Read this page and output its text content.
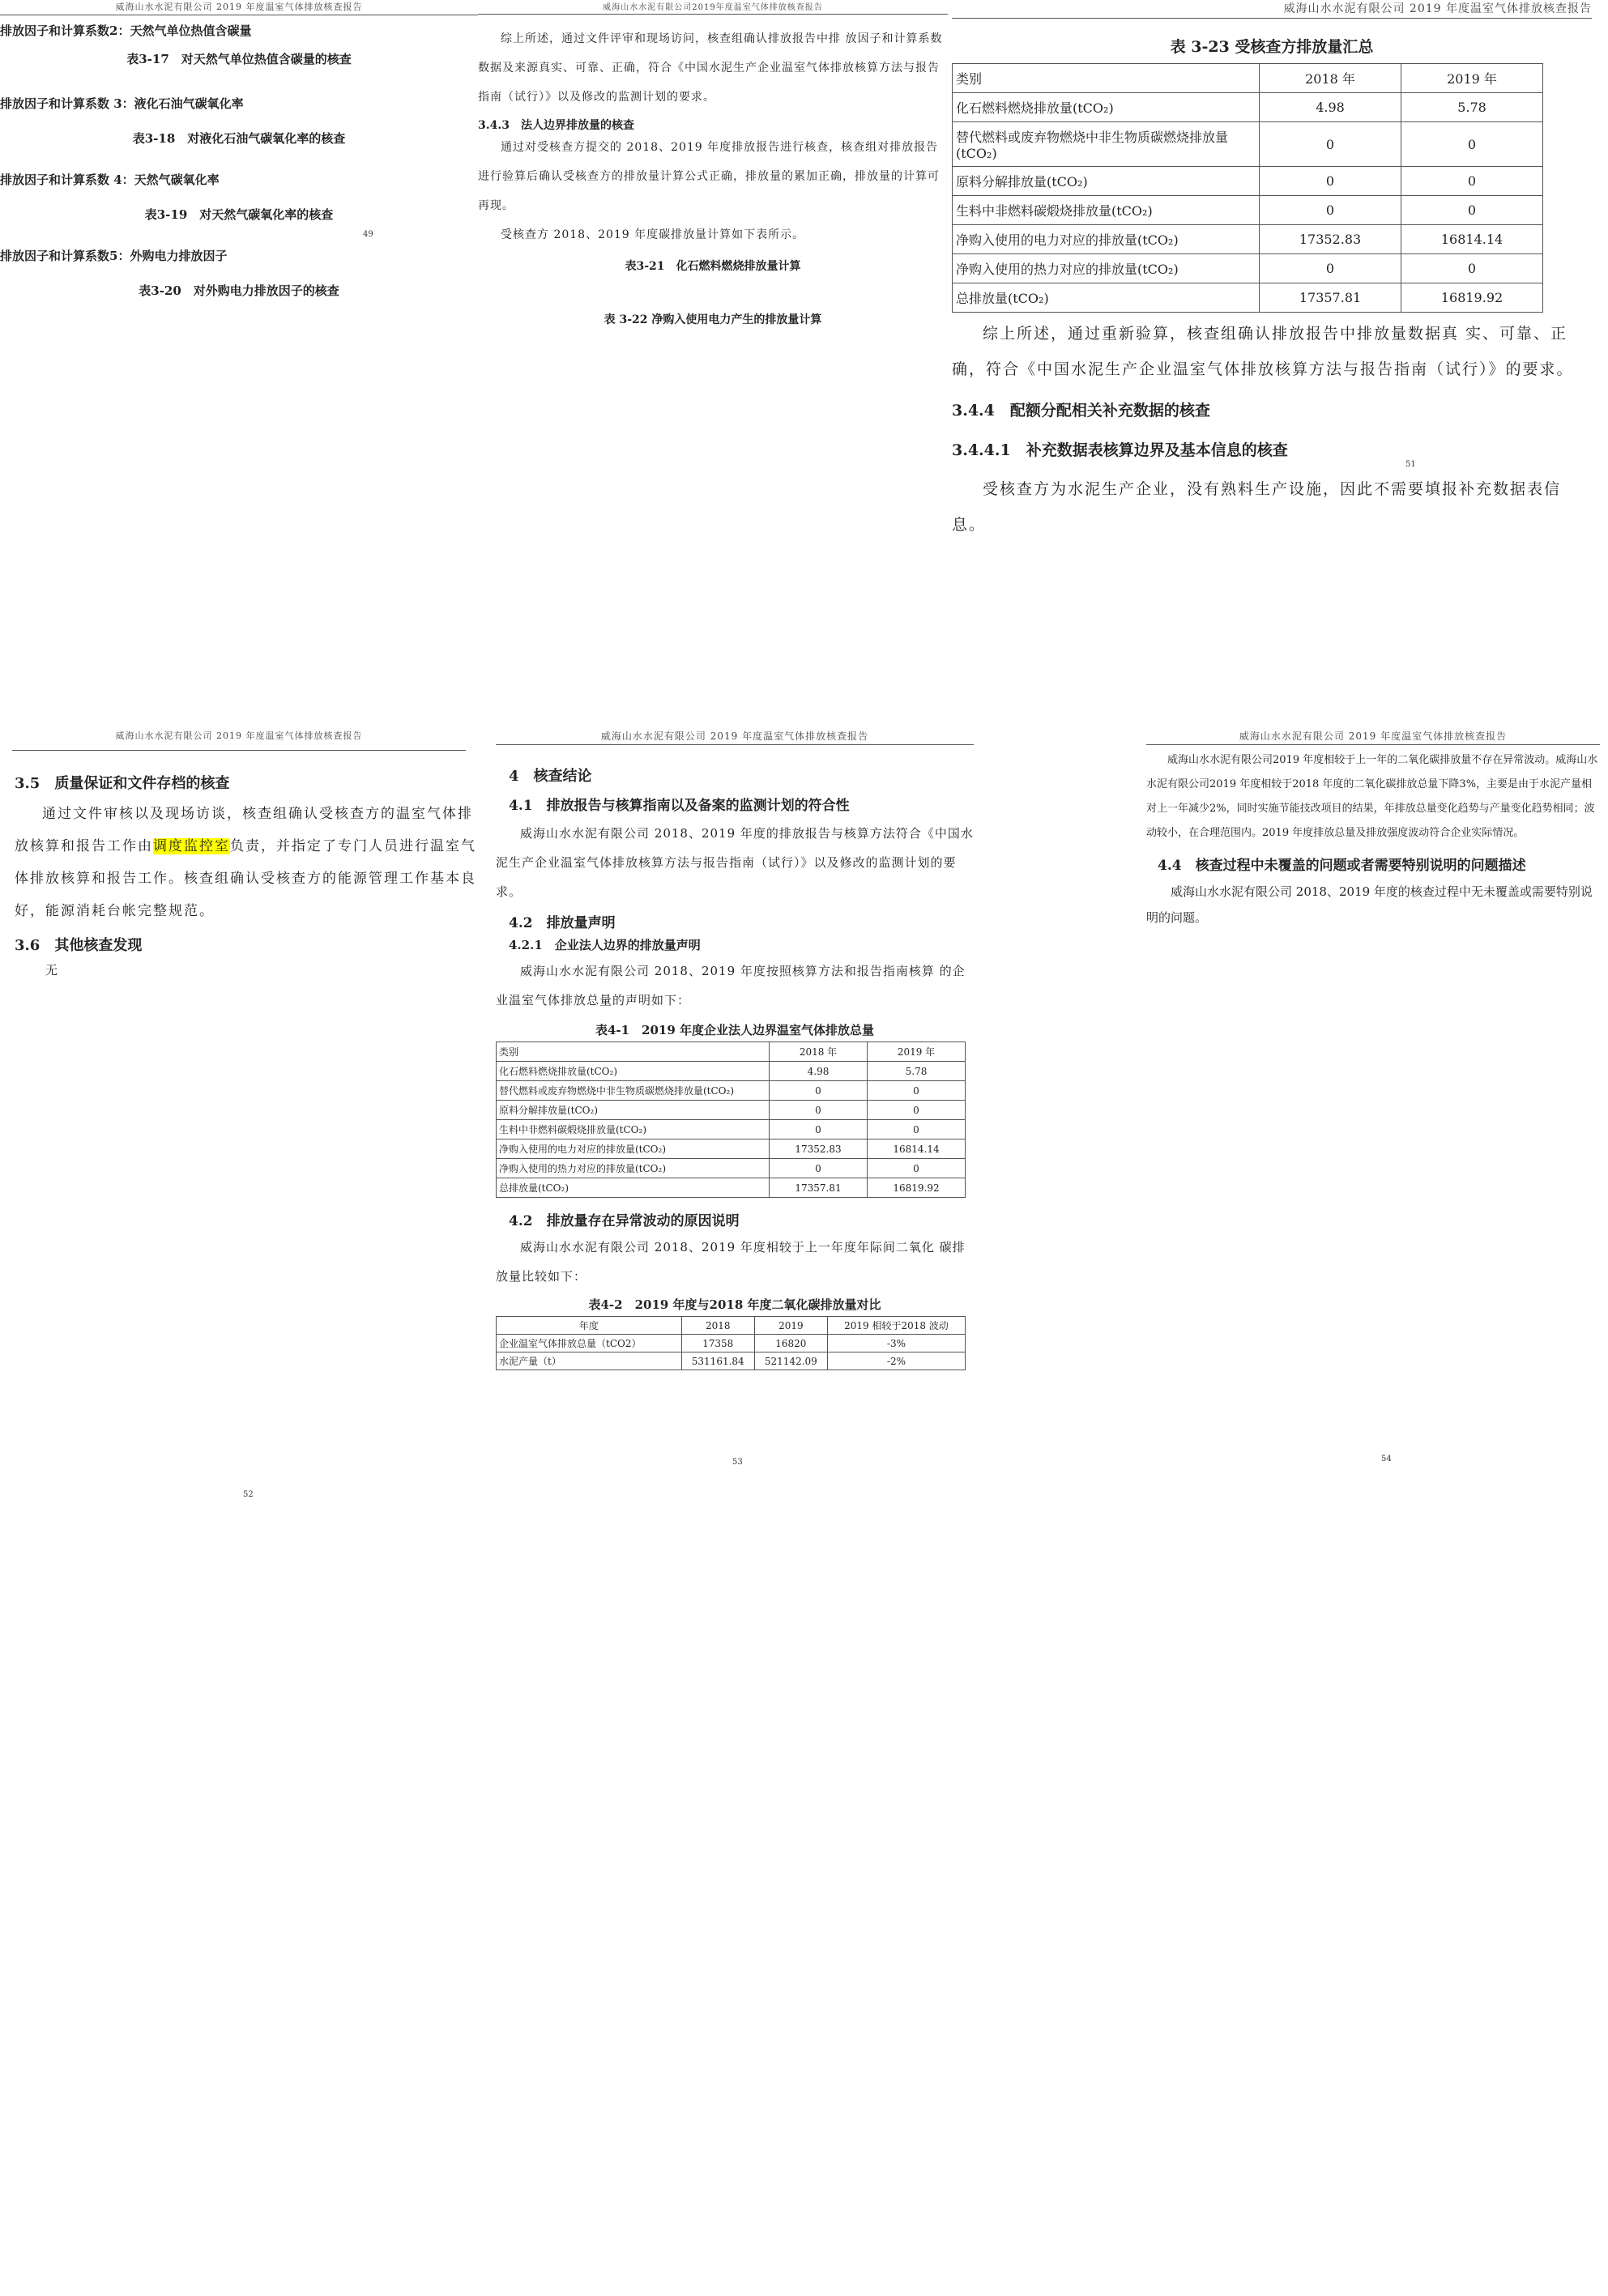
威海山水水泥有限公司 2019 年度温室气体排放核查报告
排放因子和计算系数2：天然气单位热值含碳量
表3-17　对天然气单位热值含碳量的核查
排放因子和计算系数 3：液化石油气碳氧化率
表3-18　对液化石油气碳氧化率的核查
排放因子和计算系数 4：天然气碳氧化率
表3-19　对天然气碳氧化率的核查
49
排放因子和计算系数5：外购电力排放因子
表3-20　对外购电力排放因子的核查
威海山水水泥有限公司2019年度温室气体排放核查报告

综上所述，通过文件评审和现场访问，核查组确认排放报告中排 放因子和计算系数数据及来源真实、可靠、正确，符合《中国水泥生产企业温室气体排放核算方法与报告指南（试行）》以及修改的监测计划的要求。

3.4.3　法人边界排放量的核查

通过对受核查方提交的 2018、2019 年度排放报告进行核查，核查组对排放报告进行验算后确认受核查方的排放量计算公式正确，排放量的累加正确，排放量的计算可再现。

受核查方 2018、2019 年度碳排放量计算如下表所示。

表3-21　化石燃料燃烧排放量计算
表 3-22 净购入使用电力产生的排放量计算
威海山水水泥有限公司 2019 年度温室气体排放核查报告
表 3-23 受核查方排放量汇总
类别	2018 年	2019 年
化石燃料燃烧排放量(tCO₂)	4.98	5.78
替代燃料或废弃物燃烧中非生物质碳燃烧排放量(tCO₂)	0	0
原料分解排放量(tCO₂)	0	0
生料中非燃料碳煅烧排放量(tCO₂)	0	0
净购入使用的电力对应的排放量(tCO₂)	17352.83	16814.14
净购入使用的热力对应的排放量(tCO₂)	0	0
总排放量(tCO₂)	17357.81	16819.92

综上所述，通过重新验算，核查组确认排放报告中排放量数据真 实、可靠、正确，符合《中国水泥生产企业温室气体排放核算方法与报告指南（试行）》的要求。

3.4.4　配额分配相关补充数据的核查
3.4.4.1　补充数据表核算边界及基本信息的核查
51

受核查方为水泥生产企业，没有熟料生产设施，因此不需要填报补充数据表信息。

威海山水水泥有限公司 2019 年度温室气体排放核查报告
3.5　质量保证和文件存档的核查

通过文件审核以及现场访谈，核查组确认受核查方的温室气体排放核算和报告工作由调度监控室负责，并指定了专门人员进行温室气体排放核算和报告工作。核查组确认受核查方的能源管理工作基本良好，能源消耗台帐完整规范。

3.6　其他核查发现

无

52
威海山水水泥有限公司 2019 年度温室气体排放核查报告
4　核查结论
4.1　排放报告与核算指南以及备案的监测计划的符合性

威海山水水泥有限公司 2018、2019 年度的排放报告与核算方法符合《中国水泥生产企业温室气体排放核算方法与报告指南（试行）》以及修改的监测计划的要求。

4.2　排放量声明
4.2.1　企业法人边界的排放量声明

威海山水水泥有限公司 2018、2019 年度按照核算方法和报告指南核算 的企业温室气体排放总量的声明如下：

表4-1　2019 年度企业法人边界温室气体排放总量
类别	2018 年	2019 年
化石燃料燃烧排放量(tCO₂)	4.98	5.78
替代燃料或废弃物燃烧中非生物质碳燃烧排放量(tCO₂)	0	0
原料分解排放量(tCO₂)	0	0
生料中非燃料碳煅烧排放量(tCO₂)	0	0
净购入使用的电力对应的排放量(tCO₂)	17352.83	16814.14
净购入使用的热力对应的排放量(tCO₂)	0	0
总排放量(tCO₂)	17357.81	16819.92
4.2　排放量存在异常波动的原因说明

威海山水水泥有限公司 2018、2019 年度相较于上一年度年际间二氧化 碳排放量比较如下：

表4-2　2019 年度与2018 年度二氧化碳排放量对比
年度	2018	2019	2019 相较于2018 波动
企业温室气体排放总量（tCO2）	17358	16820	-3%
水泥产量（t）	531161.84	521142.09	-2%
53
威海山水水泥有限公司 2019 年度温室气体排放核查报告

威海山水水泥有限公司2019 年度相较于上一年的二氧化碳排放量不存在异常波动。威海山水水泥有限公司2019 年度相较于2018 年度的二氧化碳排放总量下降3%，主要是由于水泥产量相对上一年减少2%，同时实施节能技改项目的结果，年排放总量变化趋势与产量变化趋势相同；波动较小，在合理范围内。2019 年度排放总量及排放强度波动符合企业实际情况。

4.4　核查过程中未覆盖的问题或者需要特别说明的问题描述

威海山水水泥有限公司 2018、2019 年度的核查过程中无未覆盖或需要特别说明的问题。

54
